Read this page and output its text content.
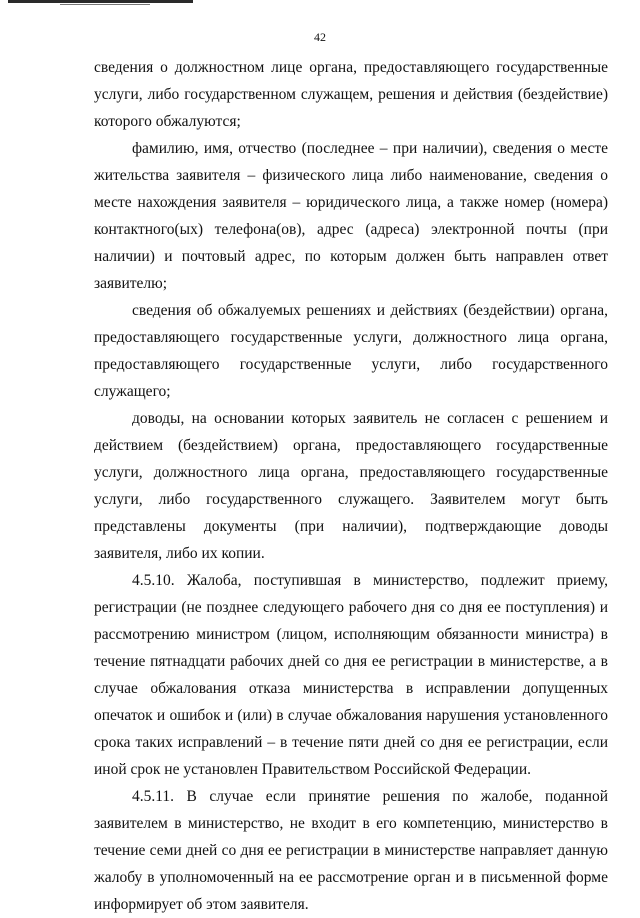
42

сведения о должностном лице органа, предоставляющего государственные услуги, либо государственном служащем, решения и действия (бездействие) которого обжалуются;

фамилию, имя, отчество (последнее – при наличии), сведения о месте жительства заявителя – физического лица либо наименование, сведения о месте нахождения заявителя – юридического лица, а также номер (номера) контактного(ых) телефона(ов), адрес (адреса) электронной почты (при наличии) и почтовый адрес, по которым должен быть направлен ответ заявителю;

сведения об обжалуемых решениях и действиях (бездействии) органа, предоставляющего государственные услуги, должностного лица органа, предоставляющего государственные услуги, либо государственного служащего;

доводы, на основании которых заявитель не согласен с решением и действием (бездействием) органа, предоставляющего государственные услуги, должностного лица органа, предоставляющего государственные услуги, либо государственного служащего. Заявителем могут быть представлены документы (при наличии), подтверждающие доводы заявителя, либо их копии.

4.5.10. Жалоба, поступившая в министерство, подлежит приему, регистрации (не позднее следующего рабочего дня со дня ее поступления) и рассмотрению министром (лицом, исполняющим обязанности министра) в течение пятнадцати рабочих дней со дня ее регистрации в министерстве, а в случае обжалования отказа министерства в исправлении допущенных опечаток и ошибок и (или) в случае обжалования нарушения установленного срока таких исправлений – в течение пяти дней со дня ее регистрации, если иной срок не установлен Правительством Российской Федерации.

4.5.11. В случае если принятие решения по жалобе, поданной заявителем в министерство, не входит в его компетенцию, министерство в течение семи дней со дня ее регистрации в министерстве направляет данную жалобу в уполномоченный на ее рассмотрение орган и в письменной форме информирует об этом заявителя.
